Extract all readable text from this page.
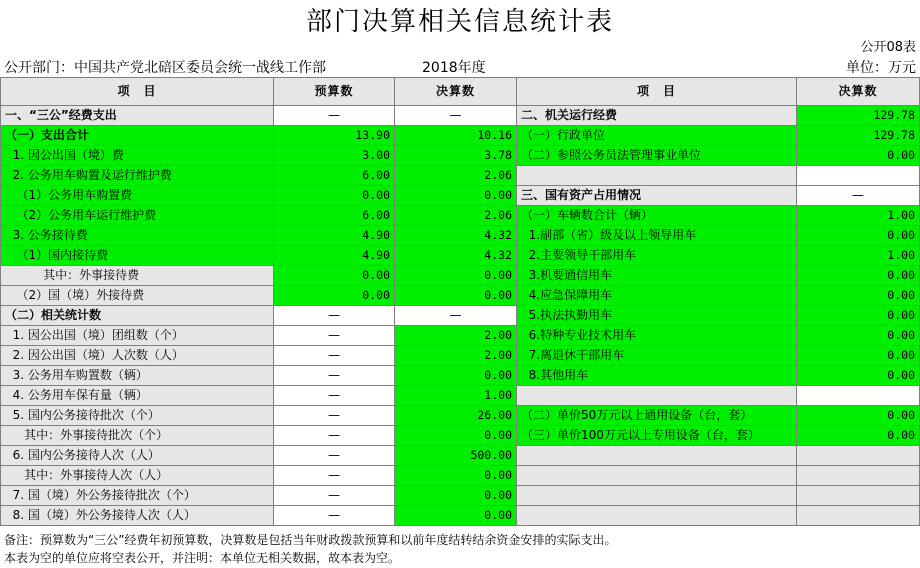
部门决算相关信息统计表
公开08表
公开部门：中国共产党北碚区委员会统一战线工作部	2018年度	单位：万元
项　目	预算数	决算数	项　目	决算数
一、“三公”经费支出	—	—	二、机关运行经费	129.78
（一）支出合计	13.90	10.16	（一）行政单位	129.78
1. 因公出国（境）费	3.00	3.78	（二）参照公务员法管理事业单位	0.00
2. 公务用车购置及运行维护费	6.00	2.06		
（1）公务用车购置费	0.00	0.00	三、国有资产占用情况	—
（2）公务用车运行维护费	6.00	2.06	（一）车辆数合计（辆）	1.00
3. 公务接待费	4.90	4.32	1.副部（省）级及以上领导用车	0.00
（1）国内接待费	4.90	4.32	2.主要领导干部用车	1.00
其中：外事接待费	0.00	0.00	3.机要通信用车	0.00
（2）国（境）外接待费	0.00	0.00	4.应急保障用车	0.00
（二）相关统计数	—	—	5.执法执勤用车	0.00
1. 因公出国（境）团组数（个）	—	2.00	6.特种专业技术用车	0.00
2. 因公出国（境）人次数（人）	—	2.00	7.离退休干部用车	0.00
3. 公务用车购置数（辆）	—	0.00	8.其他用车	0.00
4. 公务用车保有量（辆）	—	1.00		
5. 国内公务接待批次（个）	—	26.00	（二）单价50万元以上通用设备（台，套）	0.00
其中：外事接待批次（个）	—	0.00	（三）单价100万元以上专用设备（台，套）	0.00
6. 国内公务接待人次（人）	—	500.00		
其中：外事接待人次（人）	—	0.00		
7. 国（境）外公务接待批次（个）	—	0.00		
8. 国（境）外公务接待人次（人）	—	0.00		
备注：预算数为“三公”经费年初预算数，决算数是包括当年财政拨款预算和以前年度结转结余资金安排的实际支出。
本表为空的单位应将空表公开，并注明：本单位无相关数据，故本表为空。
